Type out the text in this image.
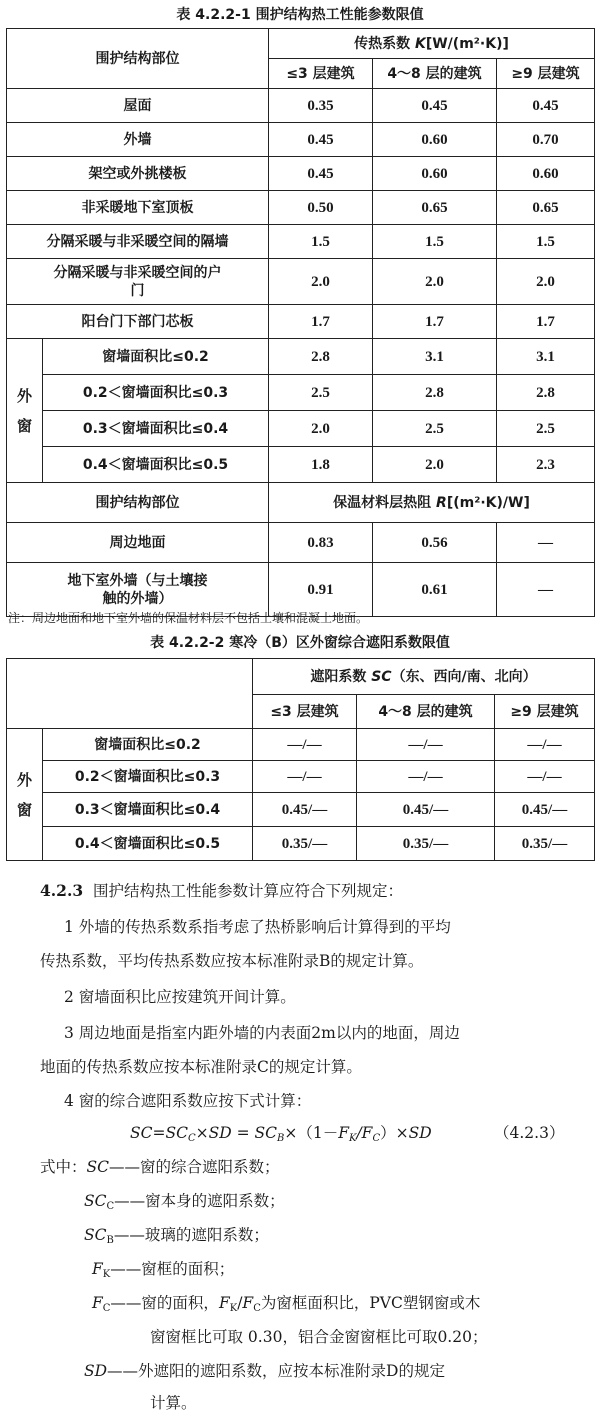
表 4.2.2-1 围护结构热工性能参数限值
围护结构部位		传热系数 K[W/(m²·K)]		
		≤3 层建筑	4～8 层的建筑	≥9 层建筑
屋面		0.35	0.45	0.45
外墙		0.45	0.60	0.70
架空或外挑楼板		0.45	0.60	0.60
非采暖地下室顶板		0.50	0.65	0.65
分隔采暖与非采暖空间的隔墙		1.5	1.5	1.5
分隔采暖与非采暖空间的户门		2.0	2.0	2.0
阳台门下部门芯板		1.7	1.7	1.7
外窗	窗墙面积比≤0.2	2.8	3.1	3.1
	0.2＜窗墙面积比≤0.3	2.5	2.8	2.8
	0.3＜窗墙面积比≤0.4	2.0	2.5	2.5
	0.4＜窗墙面积比≤0.5	1.8	2.0	2.3
围护结构部位		保温材料层热阻 R[(m²·K)/W]		
周边地面		0.83	0.56	—
地下室外墙（与土壤接触的外墙）		0.91	0.61	—
注：周边地面和地下室外墙的保温材料层不包括土壤和混凝土地面。
表 4.2.2-2 寒冷（B）区外窗综合遮阳系数限值
		遮阳系数 SC（东、西向/南、北向）		
		≤3 层建筑	4～8 层的建筑	≥9 层建筑
外窗	窗墙面积比≤0.2	—/—	—/—	—/—
	0.2＜窗墙面积比≤0.3	—/—	—/—	—/—
	0.3＜窗墙面积比≤0.4	0.45/—	0.45/—	0.45/—
	0.4＜窗墙面积比≤0.5	0.35/—	0.35/—	0.35/—
4.2.3 围护结构热工性能参数计算应符合下列规定：
1 外墙的传热系数系指考虑了热桥影响后计算得到的平均
传热系数，平均传热系数应按本标准附录B的规定计算。
2 窗墙面积比应按建筑开间计算。
3 周边地面是指室内距外墙的内表面2m以内的地面，周边
地面的传热系数应按本标准附录C的规定计算。
4 窗的综合遮阳系数应按下式计算：
$SC=SC_C\times SD = SC_B\times(1-F_K/F_C)\times SD$	（4.2.3）
式中：SC——窗的综合遮阳系数；
$SC_C——$窗本身的遮阳系数；
$SC_B——$玻璃的遮阳系数；
$F_K——$窗框的面积；
$F_C——$窗的面积，$F_K/F_C$为窗框面积比，PVC塑钢窗或木
窗窗框比可取 0.30，铝合金窗窗框比可取0.20；
SD——外遮阳的遮阳系数，应按本标准附录D的规定
计算。
